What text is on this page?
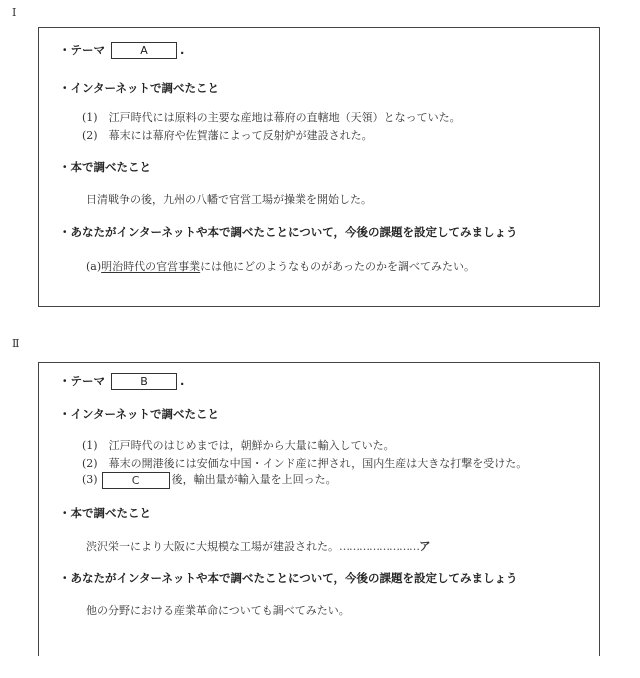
Ⅰ
・テーマ	A	.
・インターネットで調べたこと
(1)　江戸時代には原料の主要な産地は幕府の直轄地（天領）となっていた。
(2)　幕末には幕府や佐賀藩によって反射炉が建設された。
・本で調べたこと
日清戦争の後，九州の八幡で官営工場が操業を開始した。
・あなたがインターネットや本で調べたことについて，今後の課題を設定してみましょう
(a)明治時代の官営事業には他にどのようなものがあったのかを調べてみたい。
Ⅱ
・テーマ	B	.
・インターネットで調べたこと
(1)　江戸時代のはじめまでは，朝鮮から大量に輸入していた。
(2)　幕末の開港後には安価な中国・インド産に押され，国内生産は大きな打撃を受けた。
(3)	C	後，輸出量が輸入量を上回った。
・本で調べたこと
渋沢栄一により大阪に大規模な工場が建設された。……………………ア
・あなたがインターネットや本で調べたことについて，今後の課題を設定してみましょう
他の分野における産業革命についても調べてみたい。
